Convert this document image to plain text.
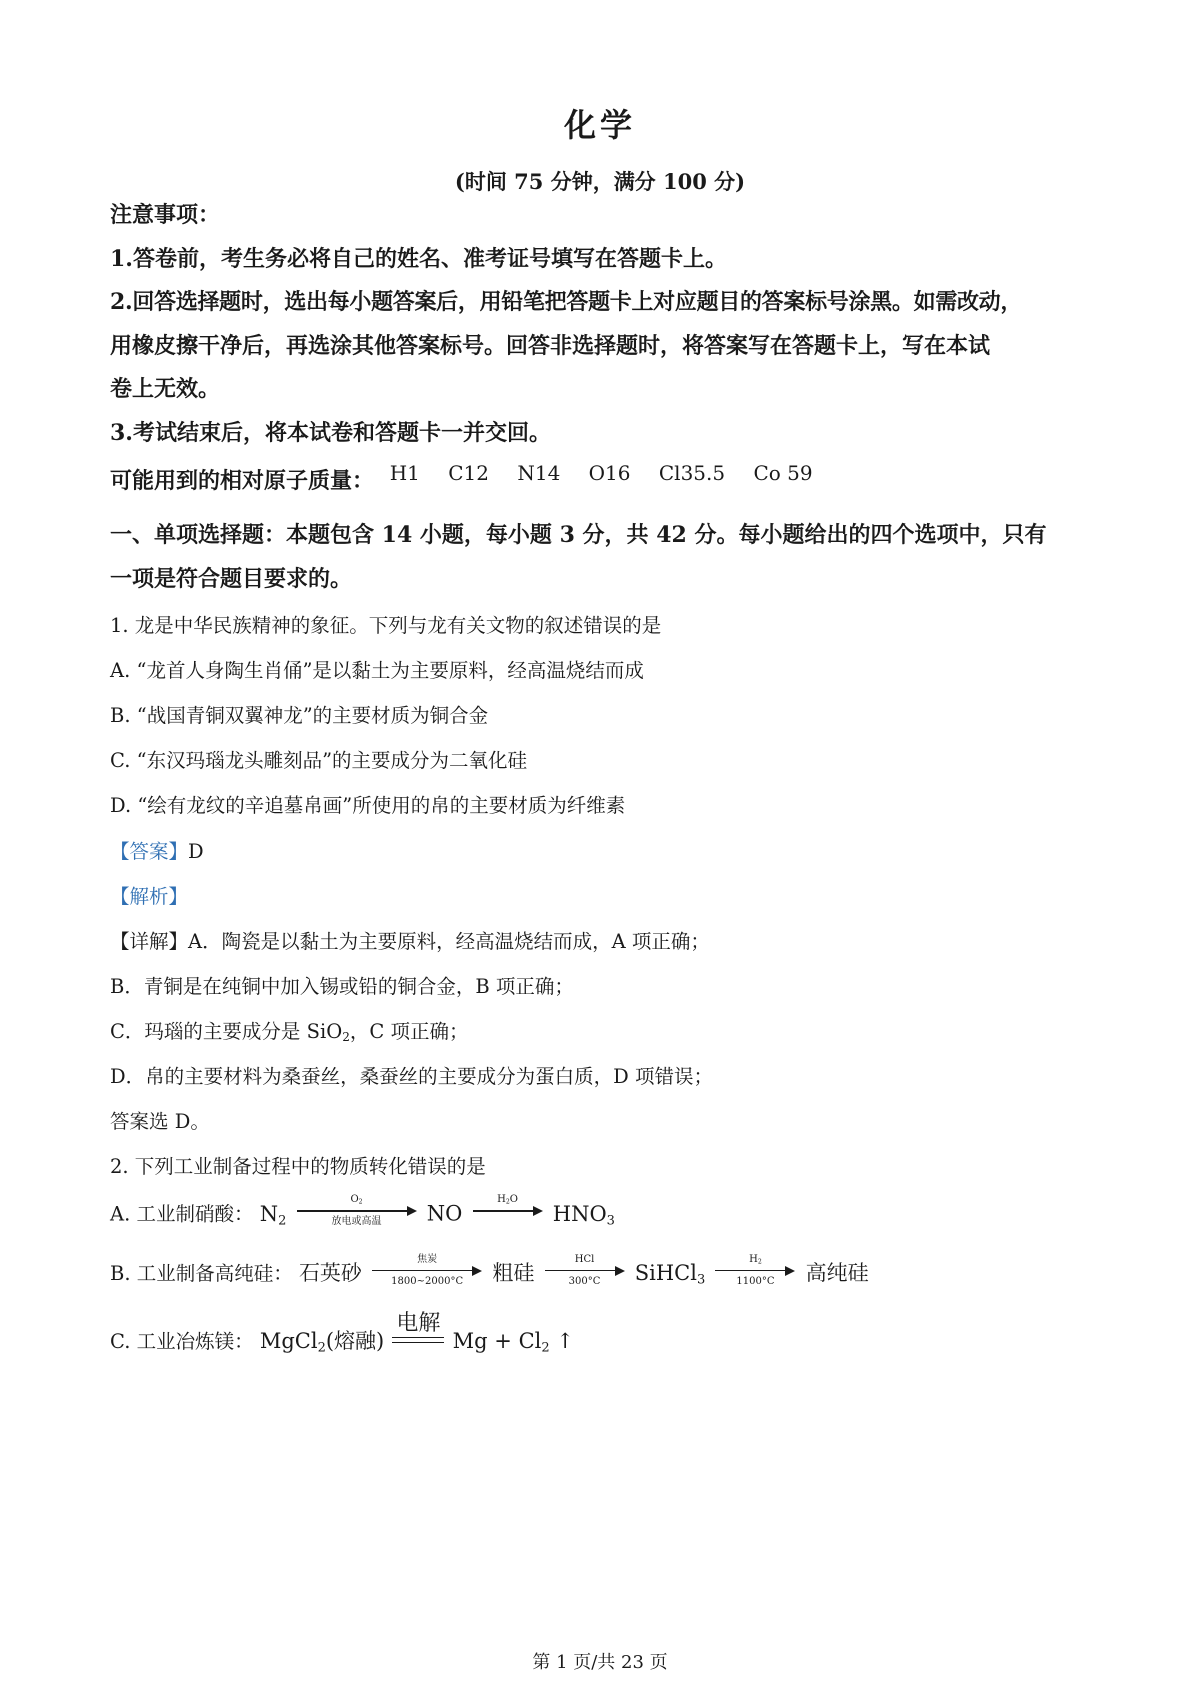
化学
(时间 75 分钟，满分 100 分)
注意事项：
1.答卷前，考生务必将自己的姓名、准考证号填写在答题卡上。
2.回答选择题时，选出每小题答案后，用铅笔把答题卡上对应题目的答案标号涂黑。如需改动，
用橡皮擦干净后，再选涂其他答案标号。回答非选择题时，将答案写在答题卡上，写在本试
卷上无效。
3.考试结束后，将本试卷和答题卡一并交回。
可能用到的相对原子质量： H1 C12 N14 O16 Cl35.5 Co 59
一、单项选择题：本题包含 14 小题，每小题 3 分，共 42 分。每小题给出的四个选项中，只有
一项是符合题目要求的。
1. 龙是中华民族精神的象征。下列与龙有关文物的叙述错误的是
A. “龙首人身陶生肖俑”是以黏土为主要原料，经高温烧结而成
B. “战国青铜双翼神龙”的主要材质为铜合金
C. “东汉玛瑙龙头雕刻品”的主要成分为二氧化硅
D. “绘有龙纹的辛追墓帛画”所使用的帛的主要材质为纤维素
【答案】D
【解析】
【详解】A．陶瓷是以黏土为主要原料，经高温烧结而成，A 项正确；
B．青铜是在纯铜中加入锡或铅的铜合金，B 项正确；
C．玛瑙的主要成分是 SiO$_2$，C 项正确；
D．帛的主要材料为桑蚕丝，桑蚕丝的主要成分为蛋白质，D 项错误；
答案选 D。
2. 下列工业制备过程中的物质转化错误的是
A. 工业制硝酸： $N_2$
$O_2$
放电或高温 NO
$H_2O$
$HNO_3$
B. 工业制备高纯硅： 石英砂
焦炭
1800~2000°C 粗硅
HCl
300°C SiHCl$_3$
$H_2$
1100°C 高纯硅
C. 工业冶炼镁： MgCl$_2$(熔融)
电解
$Mg + Cl_2$ ↑
第 1 页/共 23 页
